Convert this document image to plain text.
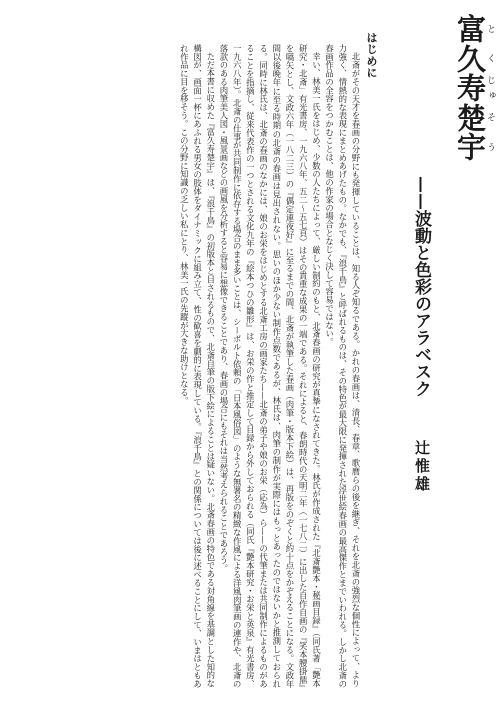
富と久く寿じゅ楚そ宇う
——波動と色彩のアラベスク
辻惟雄
はじめに

北斎がその天才を春画の分野にも発揮していることは、知る人ぞ知るである。かれの春画は、清長、春章、歌麿らの後を継ぎ、それを北斎の強烈な個性によって、より力強く、情熱的な表現にまとめあげたもの。なかでも、『浪千鳥』と呼ばれるものは、その特色が最大限に発揮された浮世絵春画の最高傑作とまでいわれる。しかし北斎の春画作品の全容をつかむことは、他の作家の場合となじく決して容易ではない。

幸い、林美一氏をはじめ、少数の人たちによって、厳しい制約のもと、北斎春画の研究が真摯になされてきた。林氏が作成された『北斎艶本・秘画目録』（同氏著「艶本研究・北斎」有光書房、一九六八年、五二〜五七頁）はその貴重な成果の一端である。それによると、春朗時代の天明二年（一七八二）に出した自作自画の『笑本腰掛鼎』を嚆矢とし、文政六年（一八二三）の『偶定連夜好』に至るまでの間、北斎が執筆した春画（肉筆・版本下絵）は、再版をのぞくと約十点をかぞえることになる。文政年間以後晩年に至る時期の北斎の春画は見出されない。思いのほか少ない制作点数であるが、林氏は、肉筆の制作が実際にはもっとあったのではないかと推測しておられる。同時に林氏は、北斎の春画のなかには、娘のお栄をはじめとする北斎工房の画家たち——北斎の弟子や娘のお栄（応為）ら——の代筆または共同制作によるものがあることを指摘し、従来代表作の一つとされる文化九年の『絵本つひの雛形』は、お栄の作と推定して目録から外しておられる（同氏『艶本研究・お栄と英泉』有光書房、一九六八年）。北斎の仕事が共同制作に依存する場合のまま多いことは、シーボルト依頼の「日本風俗図」のような無署名の精緻な作風による洋風肉筆画の連作や、北斎の落款のある肉筆美人図・風景画などの画風を分析すると容易に想像できることであり、春画の場合にもそれは当然考えられることであろう。

ただ本書に収めた『富久寿楚宇』は、『浪千鳥』の初版本と目されるもので、北斎自筆の版下絵によることは疑いない。北斎春画の特色である対角線を基調とした知的な構図が、画面一杯にあふれる男女の肢体をダイナミックに組み立て、性の歓喜を劇的に表現している。『浪千鳥』との関係については後に述べることにして、いまはともあれ作品に目を移そう。この分野に知識の乏しい私にとり、林美一氏の先蹤が大きな助けとなる。
